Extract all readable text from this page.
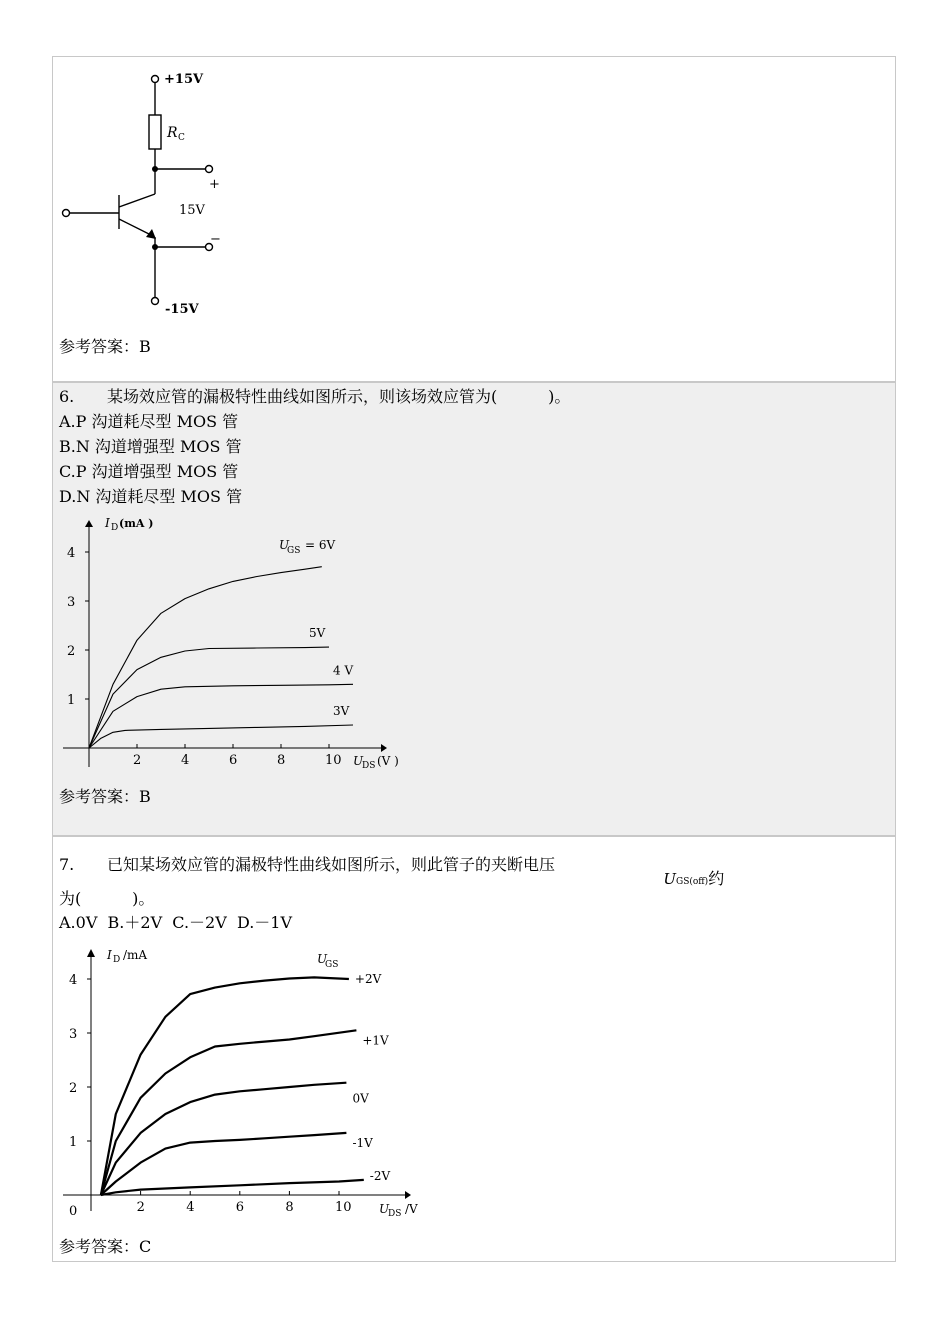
+15V
R C
+
15V
−
-15V
参考答案：B
6. 某场效应管的漏极特性曲线如图所示，则该场效应管为(          )。
A.P 沟道耗尽型 MOS 管
B.N 沟道增强型 MOS 管
C.P 沟道增强型 MOS 管
D.N 沟道耗尽型 MOS 管
2	4	6	8	10
1
2
3
4
I D (mA )
U
DS (V )
U
GS = 6V
5V
4 V
3V
参考答案：B
7. 已知某场效应管的漏极特性曲线如图所示，则此管子的夹断电压

UGS(off)约

为(          )。
A.0V  B.＋2V  C.－2V  D.－1V
2	4	6	8	10
1
2
3
4
0
I D /mA	U
GS
U
DS /V
+2V
+1V
0V
-1V
-2V
参考答案：C
